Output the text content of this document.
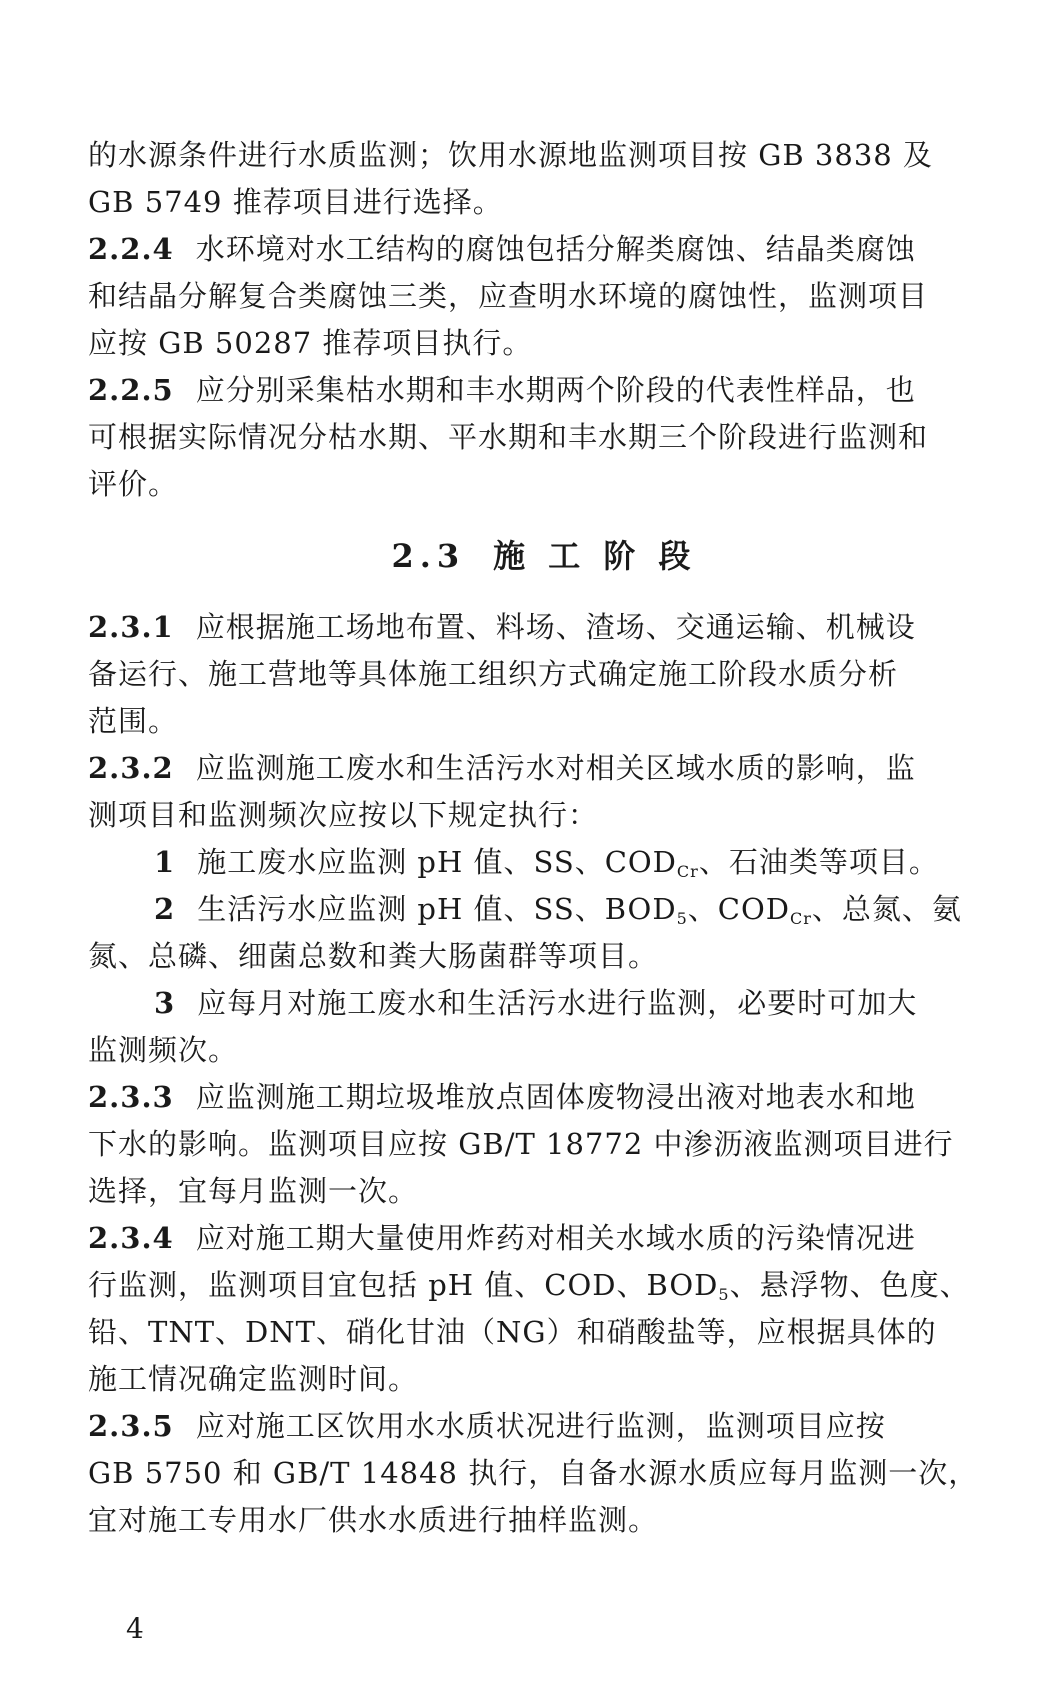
的水源条件进行水质监测；饮用水源地监测项目按 GB 3838 及
GB 5749 推荐项目进行选择。
2.2.4 水环境对水工结构的腐蚀包括分解类腐蚀、结晶类腐蚀
和结晶分解复合类腐蚀三类，应查明水环境的腐蚀性，监测项目
应按 GB 50287 推荐项目执行。
2.2.5 应分别采集枯水期和丰水期两个阶段的代表性样品，也
可根据实际情况分枯水期、平水期和丰水期三个阶段进行监测和
评价。
2.3 施 工 阶 段
2.3.1 应根据施工场地布置、料场、渣场、交通运输、机械设
备运行、施工营地等具体施工组织方式确定施工阶段水质分析
范围。
2.3.2 应监测施工废水和生活污水对相关区域水质的影响，监
测项目和监测频次应按以下规定执行：
1 施工废水应监测 pH 值、SS、$COD_{Cr}$、石油类等项目。
2 生活污水应监测 pH 值、SS、$BOD_5$、$COD_{Cr}$、总氮、氨
氮、总磷、细菌总数和粪大肠菌群等项目。
3 应每月对施工废水和生活污水进行监测，必要时可加大
监测频次。
2.3.3 应监测施工期垃圾堆放点固体废物浸出液对地表水和地
下水的影响。监测项目应按 GB/T 18772 中渗沥液监测项目进行
选择，宜每月监测一次。
2.3.4 应对施工期大量使用炸药对相关水域水质的污染情况进
行监测，监测项目宜包括 pH 值、COD、$BOD_5$、悬浮物、色度、
铅、TNT、DNT、硝化甘油（NG）和硝酸盐等，应根据具体的
施工情况确定监测时间。
2.3.5 应对施工区饮用水水质状况进行监测，监测项目应按
GB 5750 和 GB/T 14848 执行，自备水源水质应每月监测一次，
宜对施工专用水厂供水水质进行抽样监测。
4
